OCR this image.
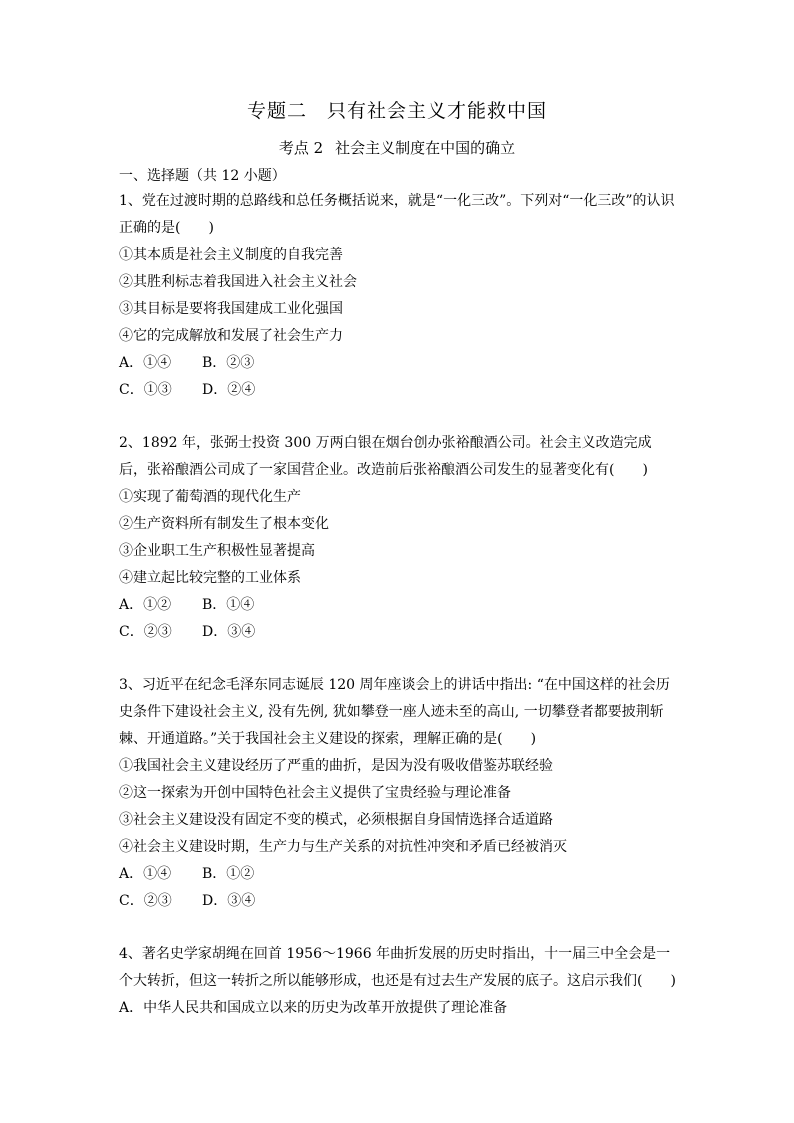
专题二 只有社会主义才能救中国
考点 2 社会主义制度在中国的确立
一、选择题（共 12 小题）

1、党在过渡时期的总路线和总任务概括说来，就是“一化三改”。下列对“一化三改”的认识正确的是(　　)

①其本质是社会主义制度的自我完善

②其胜利标志着我国进入社会主义社会

③其目标是要将我国建成工业化强国

④它的完成解放和发展了社会生产力

A．①④ B．②③

C．①③ D．②④

2、1892 年，张弼士投资 300 万两白银在烟台创办张裕酿酒公司。社会主义改造完成后，张裕酿酒公司成了一家国营企业。改造前后张裕酿酒公司发生的显著变化有(　　)

①实现了葡萄酒的现代化生产

②生产资料所有制发生了根本变化

③企业职工生产积极性显著提高

④建立起比较完整的工业体系

A．①② B．①④

C．②③ D．③④

3、习近平在纪念毛泽东同志诞辰 120 周年座谈会上的讲话中指出: “在中国这样的社会历史条件下建设社会主义, 没有先例, 犹如攀登一座人迹未至的高山, 一切攀登者都要披荆斩棘、开通道路。”关于我国社会主义建设的探索，理解正确的是(　　)

①我国社会主义建设经历了严重的曲折，是因为没有吸收借鉴苏联经验

②这一探索为开创中国特色社会主义提供了宝贵经验与理论准备

③社会主义建设没有固定不变的模式，必须根据自身国情选择合适道路

④社会主义建设时期，生产力与生产关系的对抗性冲突和矛盾已经被消灭

A．①④ B．①②

C．②③ D．③④

4、著名史学家胡绳在回首 1956～1966 年曲折发展的历史时指出，十一届三中全会是一个大转折，但这一转折之所以能够形成，也还是有过去生产发展的底子。这启示我们(　　)

A．中华人民共和国成立以来的历史为改革开放提供了理论准备
